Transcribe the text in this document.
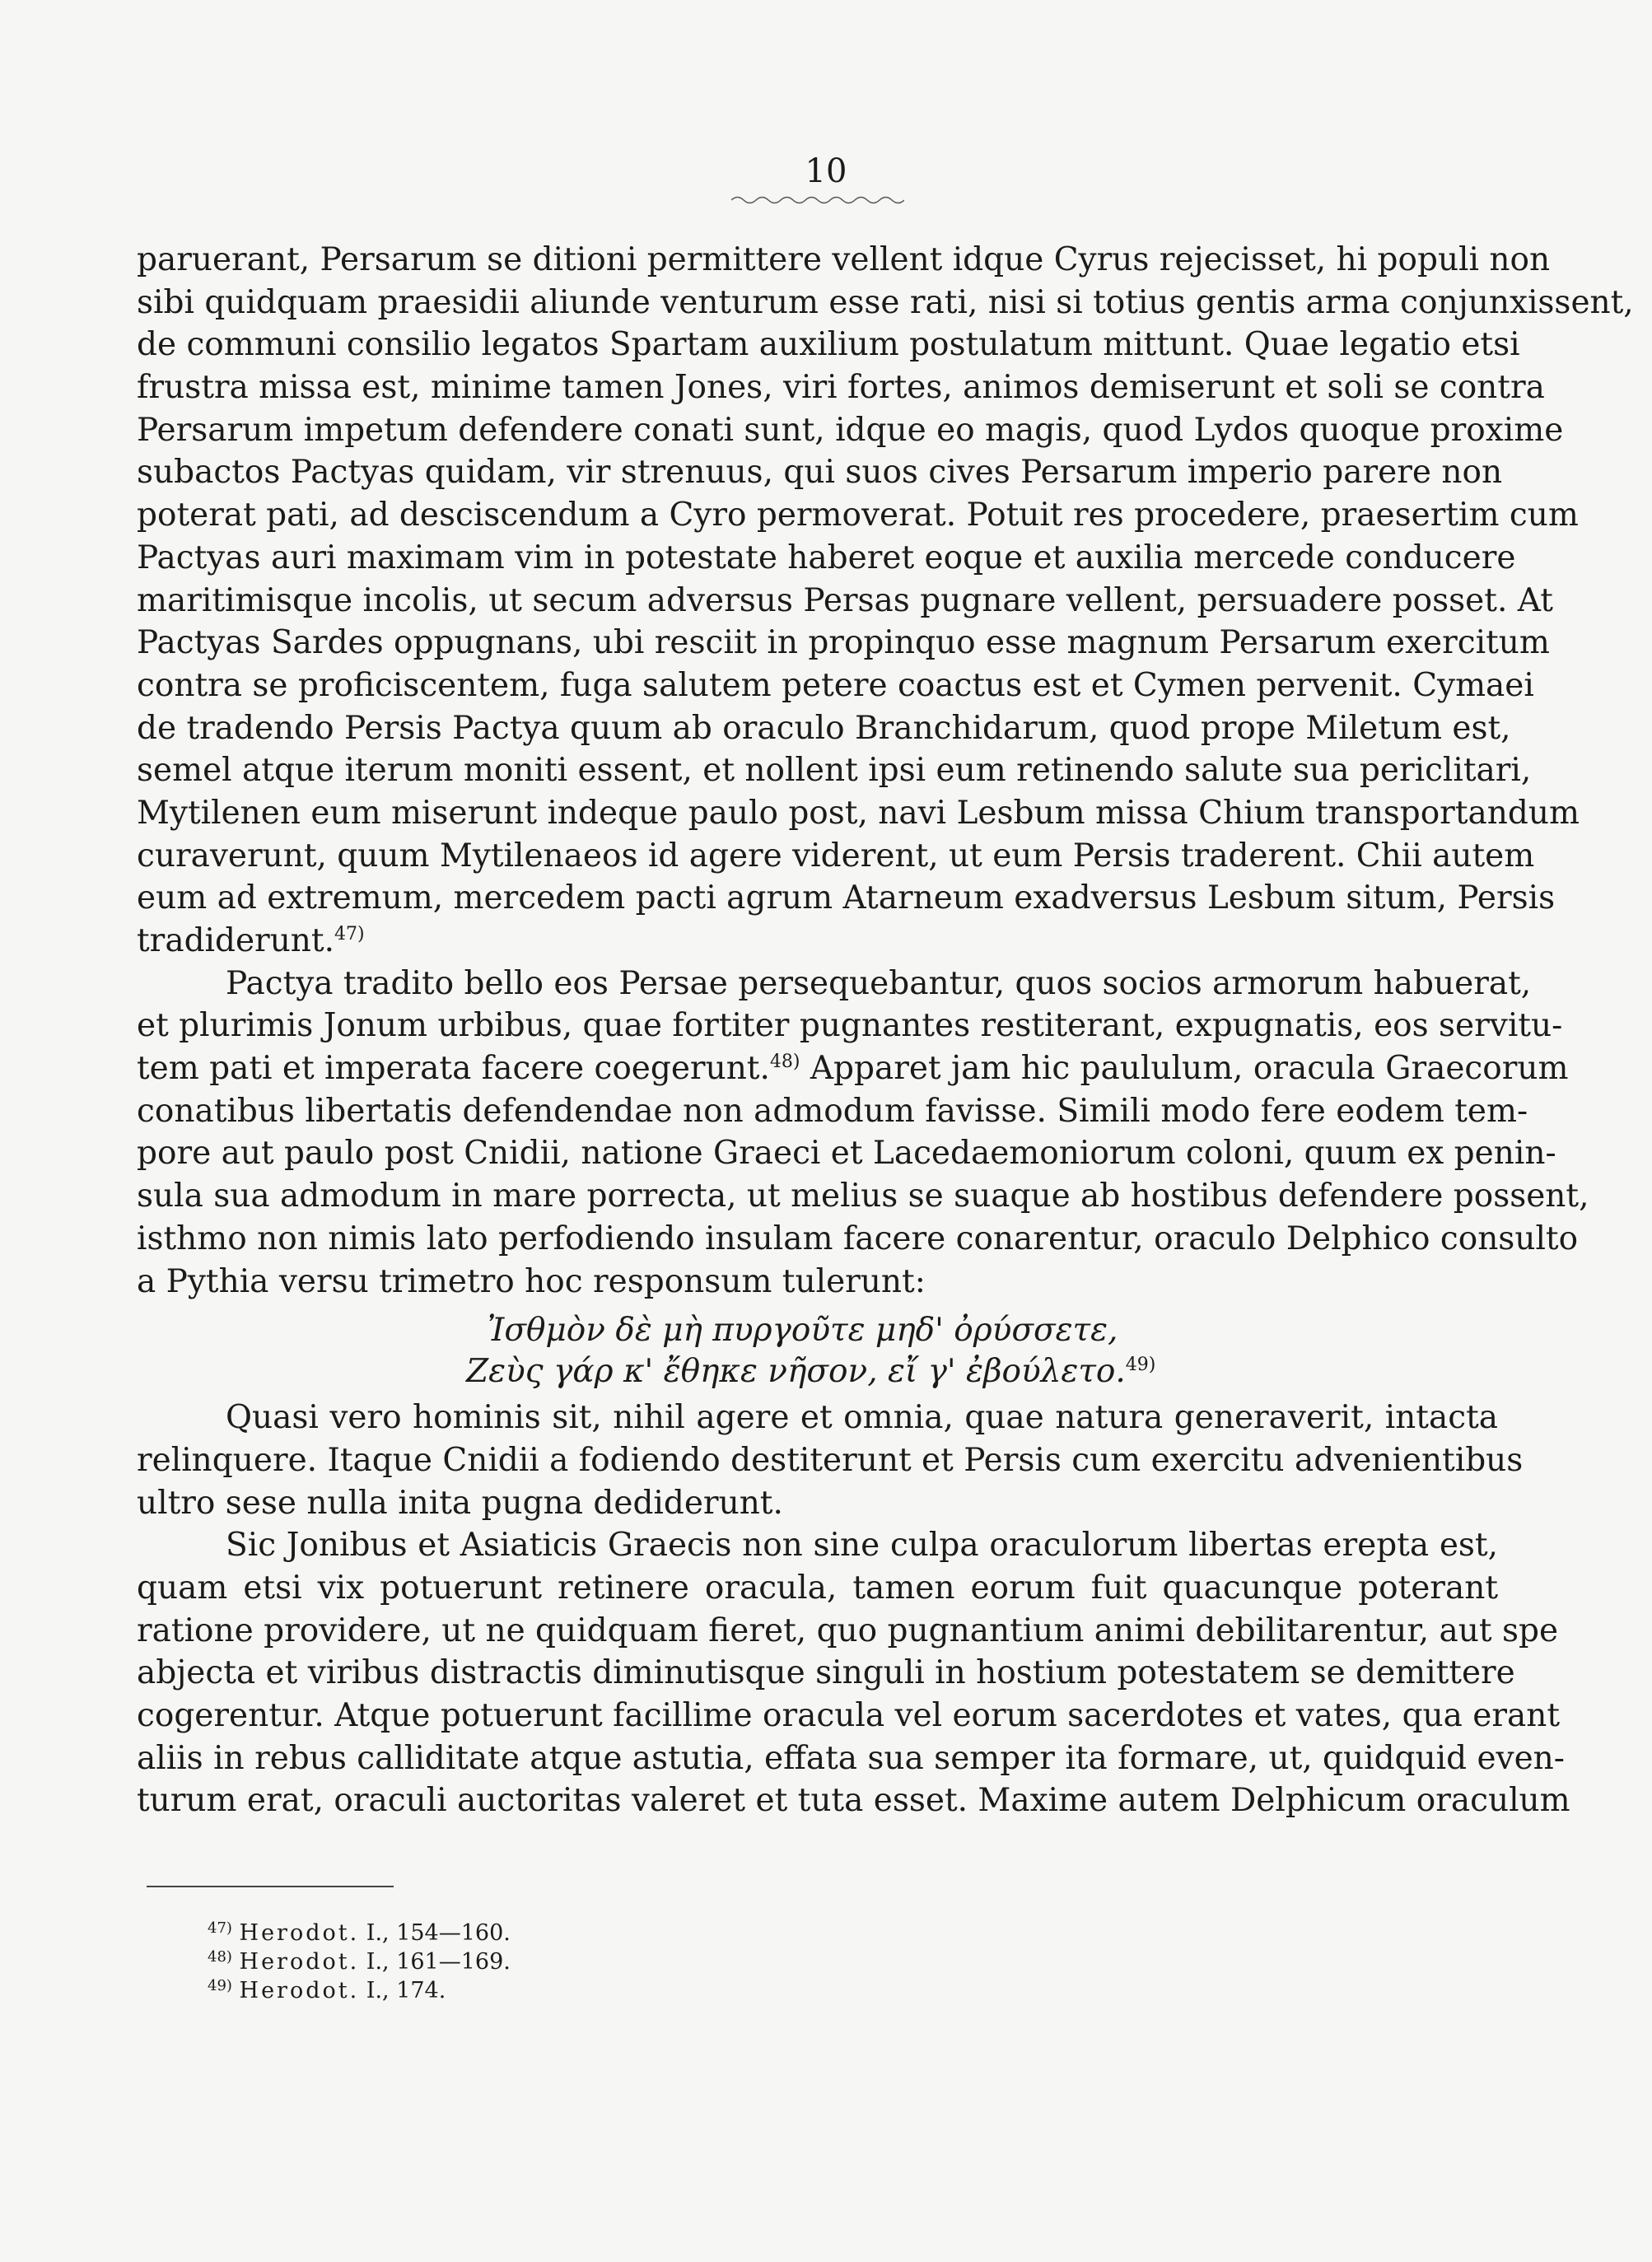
10
paruerant, Persarum se ditioni permittere vellent idque Cyrus rejecisset, hi populi non
sibi quidquam praesidii aliunde venturum esse rati, nisi si totius gentis arma conjunxissent,
de communi consilio legatos Spartam auxilium postulatum mittunt. Quae legatio etsi
frustra missa est, minime tamen Jones, viri fortes, animos demiserunt et soli se contra
Persarum impetum defendere conati sunt, idque eo magis, quod Lydos quoque proxime
subactos Pactyas quidam, vir strenuus, qui suos cives Persarum imperio parere non
poterat pati, ad desciscendum a Cyro permoverat. Potuit res procedere, praesertim cum
Pactyas auri maximam vim in potestate haberet eoque et auxilia mercede conducere
maritimisque incolis, ut secum adversus Persas pugnare vellent, persuadere posset. At
Pactyas Sardes oppugnans, ubi resciit in propinquo esse magnum Persarum exercitum
contra se proficiscentem, fuga salutem petere coactus est et Cymen pervenit. Cymaei
de tradendo Persis Pactya quum ab oraculo Branchidarum, quod prope Miletum est,
semel atque iterum moniti essent, et nollent ipsi eum retinendo salute sua periclitari,
Mytilenen eum miserunt indeque paulo post, navi Lesbum missa Chium transportandum
curaverunt, quum Mytilenaeos id agere viderent, ut eum Persis traderent. Chii autem
eum ad extremum, mercedem pacti agrum Atarneum exadversus Lesbum situm, Persis
tradiderunt.$^{47)}$
Pactya tradito bello eos Persae persequebantur, quos socios armorum habuerat,
et plurimis Jonum urbibus, quae fortiter pugnantes restiterant, expugnatis, eos servitu-
tem pati et imperata facere coegerunt.$^{48)}$ Apparet jam hic paululum, oracula Graecorum
conatibus libertatis defendendae non admodum favisse. Simili modo fere eodem tem-
pore aut paulo post Cnidii, natione Graeci et Lacedaemoniorum coloni, quum ex penin-
sula sua admodum in mare porrecta, ut melius se suaque ab hostibus defendere possent,
isthmo non nimis lato perfodiendo insulam facere conarentur, oraculo Delphico consulto
a Pythia versu trimetro hoc responsum tulerunt:
Ἰσθμὸν δὲ μὴ πυργοῦτε μηδ' ὀρύσσετε,
Ζεὺς γάρ κ' ἔθηκε νῆσον, εἴ γ' ἐβούλετο.$^{49)}$
Quasi vero hominis sit, nihil agere et omnia, quae natura generaverit, intacta
relinquere. Itaque Cnidii a fodiendo destiterunt et Persis cum exercitu advenientibus
ultro sese nulla inita pugna dediderunt.
Sic Jonibus et Asiaticis Graecis non sine culpa oraculorum libertas erepta est,
quam etsi vix potuerunt retinere oracula, tamen eorum fuit quacunque poterant
ratione providere, ut ne quidquam fieret, quo pugnantium animi debilitarentur, aut spe
abjecta et viribus distractis diminutisque singuli in hostium potestatem se demittere
cogerentur. Atque potuerunt facillime oracula vel eorum sacerdotes et vates, qua erant
aliis in rebus calliditate atque astutia, effata sua semper ita formare, ut, quidquid even-
turum erat, oraculi auctoritas valeret et tuta esset. Maxime autem Delphicum oraculum
$^{47)}$ Herodot. I., 154—160.
$^{48)}$ Herodot. I., 161—169.
$^{49)}$ Herodot. I., 174.
